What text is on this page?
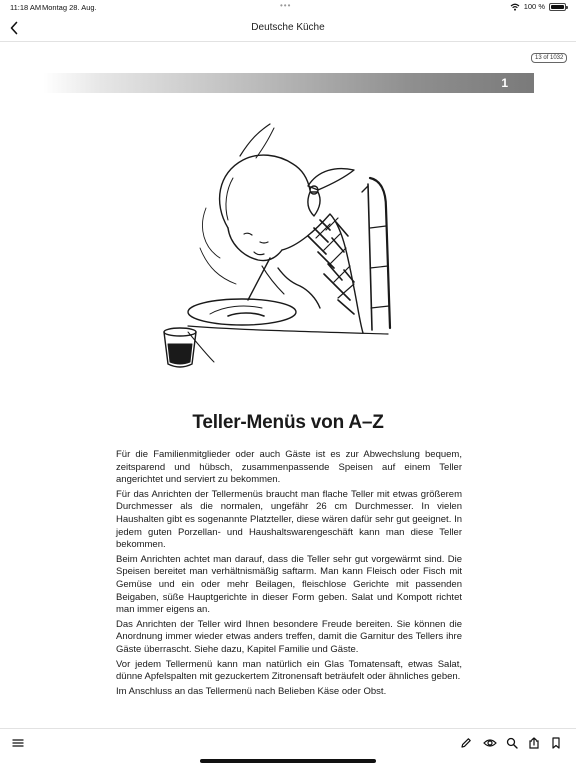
11:18 AM Montag 28. Aug.	•••	100 %
Deutsche Küche
13 of 1032
1
Teller-Menüs von A–Z

Für die Familienmitglieder oder auch Gäste ist es zur Abwechslung bequem, zeitsparend und hübsch, zusammenpassende Speisen auf einem Teller angerichtet und serviert zu bekommen.

Für das Anrichten der Tellermenüs braucht man flache Teller mit etwas größerem Durchmesser als die normalen, ungefähr 26 cm Durchmesser. In vielen Haushalten gibt es sogenannte Platzteller, diese wären dafür sehr gut geeignet. In jedem guten Porzellan- und Haushaltswarengeschäft kann man diese Teller bekommen.

Beim Anrichten achtet man darauf, dass die Teller sehr gut vorgewärmt sind. Die Speisen bereitet man verhältnismäßig saftarm. Man kann Fleisch oder Fisch mit Gemüse und ein oder mehr Beilagen, fleischlose Gerichte mit passenden Beigaben, süße Hauptgerichte in dieser Form geben. Salat und Kompott richtet man immer eigens an.

Das Anrichten der Teller wird Ihnen besondere Freude bereiten. Sie können die Anordnung immer wieder etwas anders treffen, damit die Garnitur des Tellers ihre Gäste überrascht. Siehe dazu, Kapitel Familie und Gäste.

Vor jedem Tellermenü kann man natürlich ein Glas Tomatensaft, etwas Salat, dünne Apfelspalten mit gezuckertem Zitronensaft beträufelt oder ähnliches geben.

Im Anschluss an das Tellermenü nach Belieben Käse oder Obst.
